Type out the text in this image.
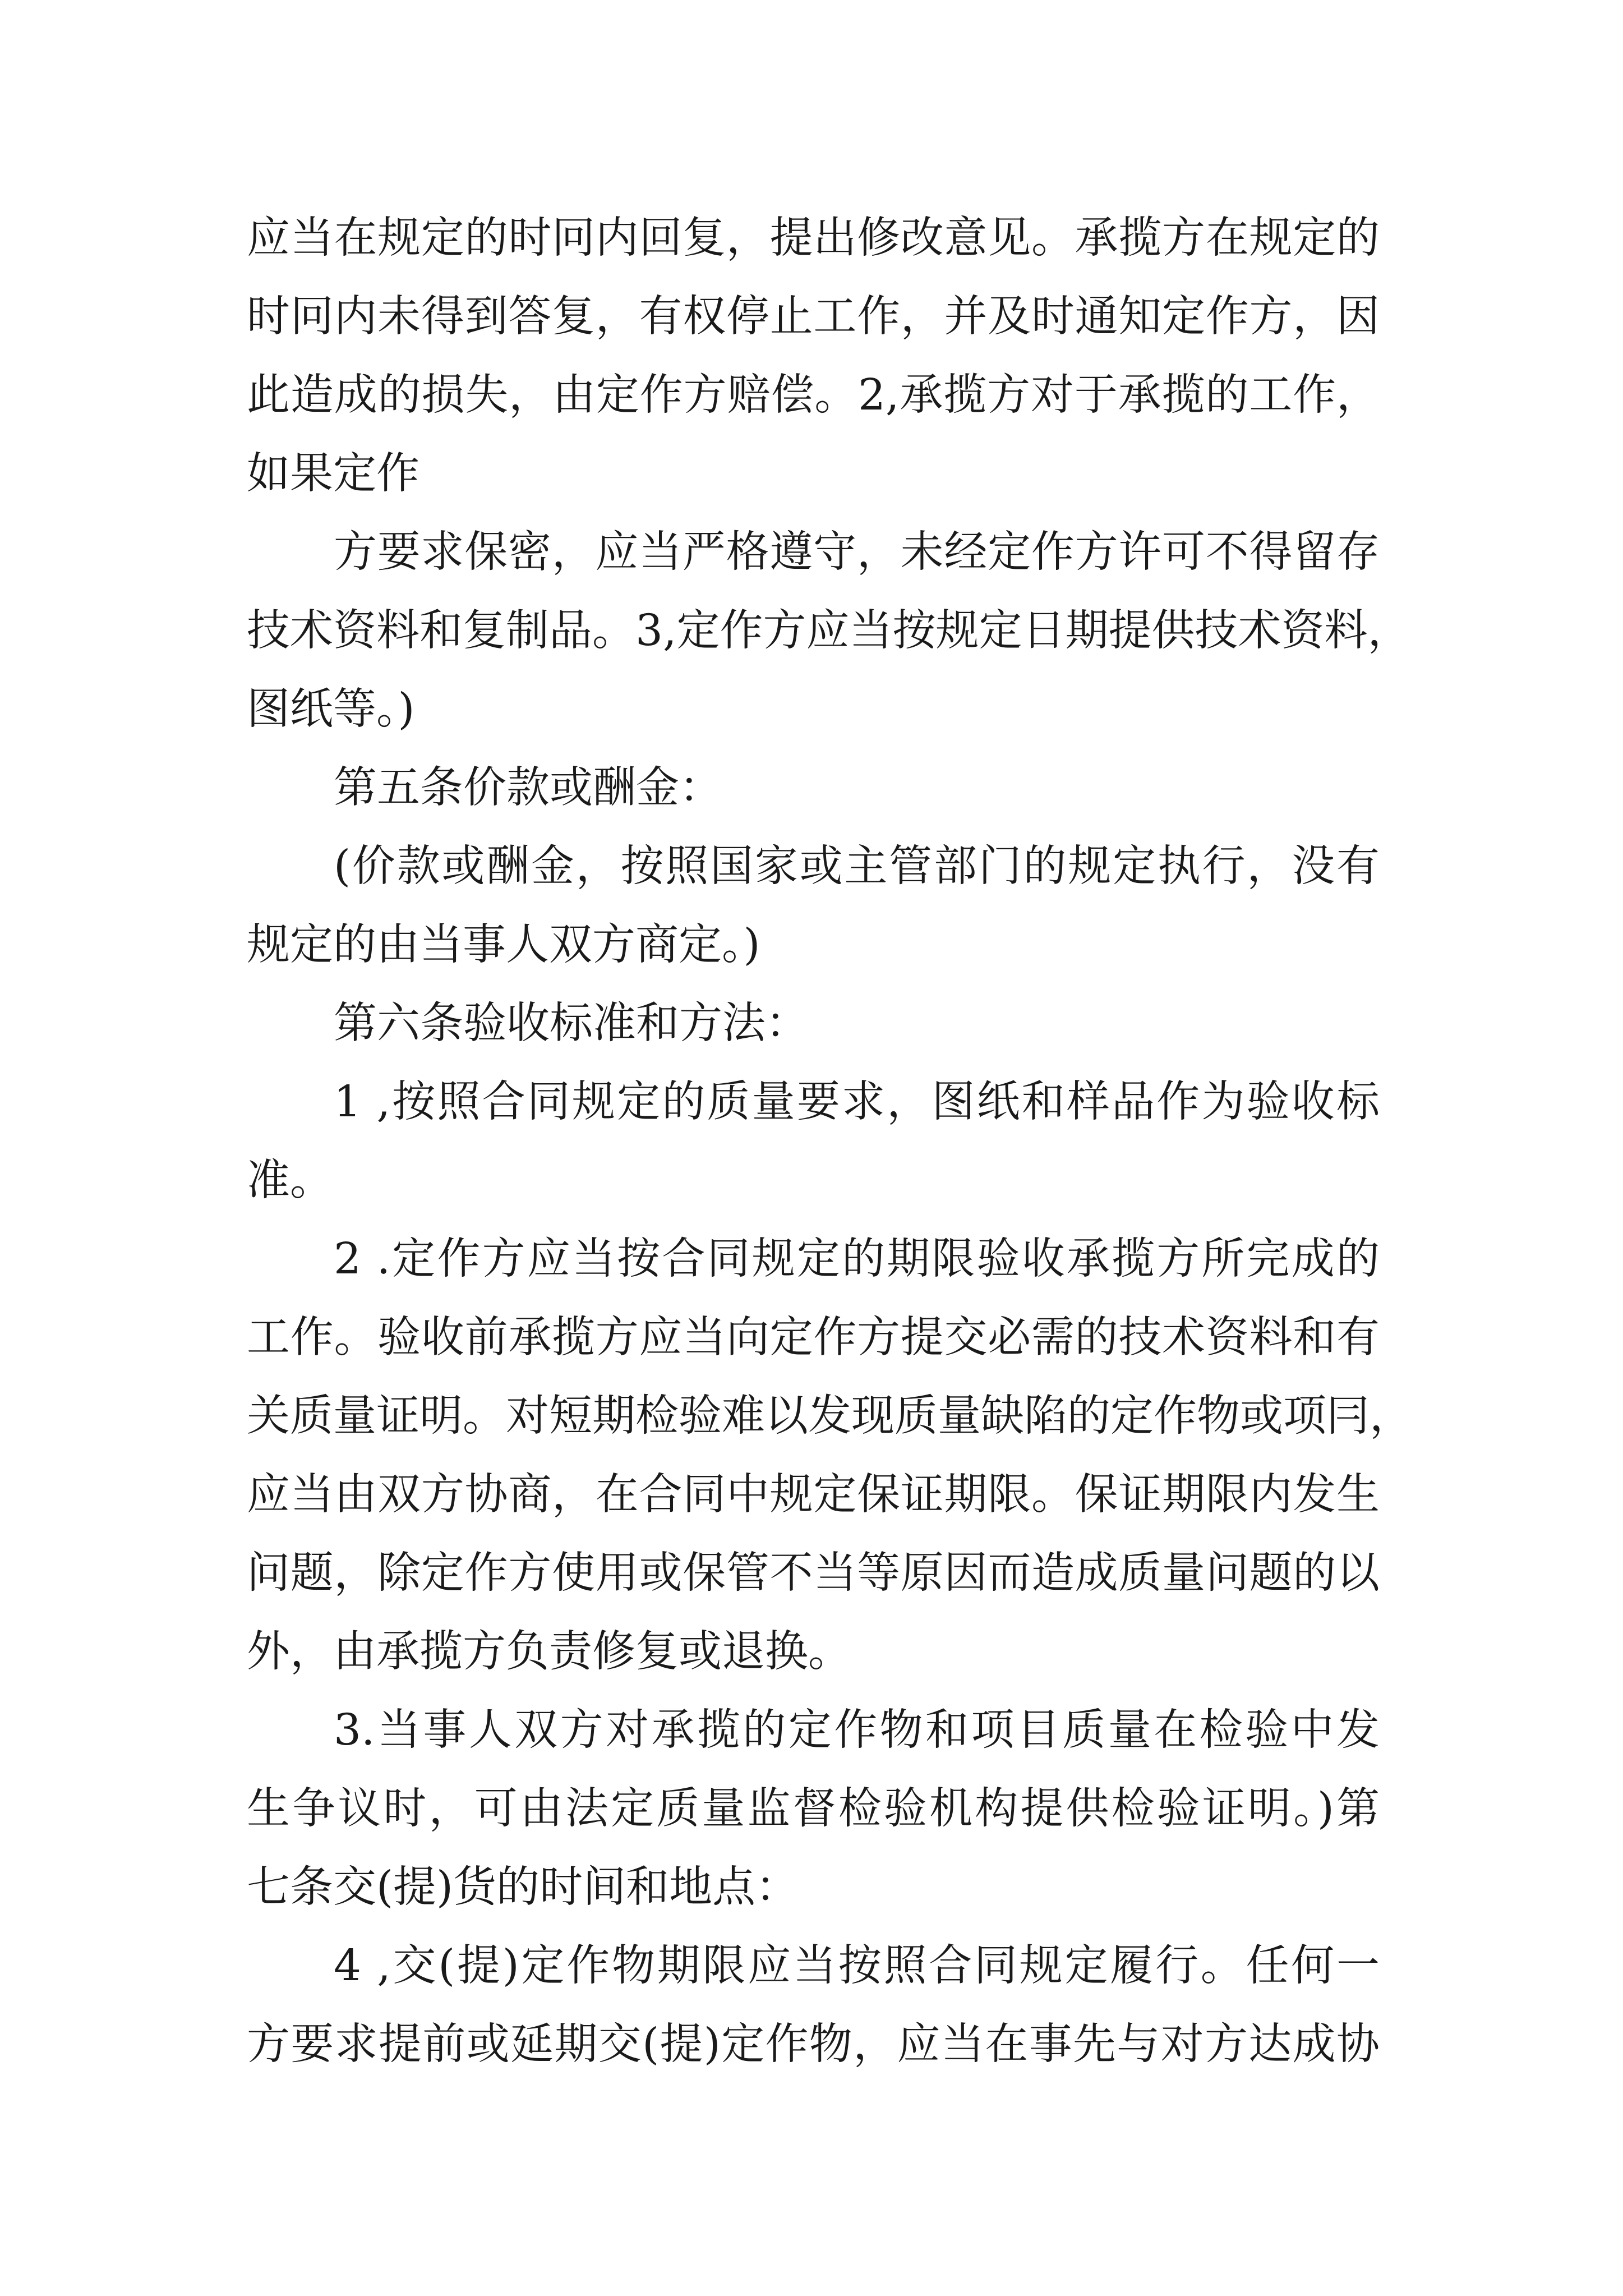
应当在规定的时冋内回复，提出修改意见。承揽方在规定的
时冋内未得到答复，有权停止工作，并及时通知定作方，因
此造成的损失，由定作方赔偿。2,承揽方对于承揽的工作，
如果定作
方要求保密，应当严格遵守，未经定作方许可不得留存
技术资料和复制品。3,定作方应当按规定日期提供技术资料，
图纸等。)
第五条价款或酬金：
(价款或酬金，按照国家或主管部门的规定执行，没有
规定的由当事人双方商定。)
第六条验收标准和方法：
1 ,按照合同规定的质量要求，图纸和样品作为验收标
准。
2 .定作方应当按合同规定的期限验收承揽方所完成的
工作。验收前承揽方应当向定作方提交必需的技术资料和有
关质量证明。对短期检验难以发现质量缺陷的定作物或项冃，
应当由双方协商，在合同中规定保证期限。保证期限内发生
问题，除定作方使用或保管不当等原因而造成质量问题的以
外，由承揽方负责修复或退换。
3.当事人双方对承揽的定作物和项目质量在检验中发
生争议时，可由法定质量监督检验机构提供检验证明。)第
七条交(提)货的时间和地点：
4 ,交(提)定作物期限应当按照合同规定履行。任何一
方要求提前或延期交(提)定作物，应当在事先与对方达成协
